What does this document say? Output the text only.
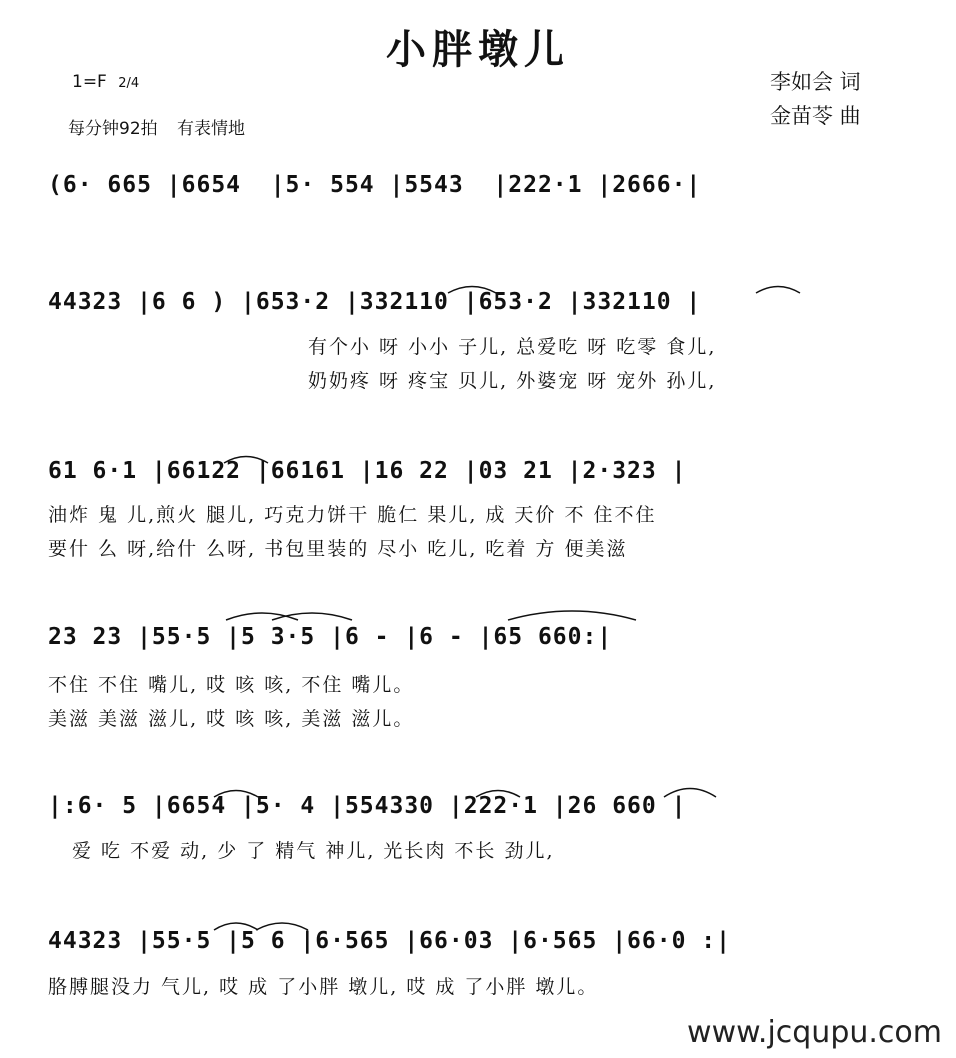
小胖墩儿
1=F 2/4
每分钟92拍 有表情地
李如会 词
金苗苓 曲
(6· 665 |6654  |5· 554 |5543  |222·1 |2666·|
44323 |6 6 ) |653·2 |332110 |653·2 |332110 |
有个小 呀 小小 子儿, 总爱吃 呀 吃零 食儿,
奶奶疼 呀 疼宝 贝儿, 外婆宠 呀 宠外 孙儿,
61 6·1 |66122 |66161 |16 22 |03 21 |2·323 |
油炸 鬼 儿,煎火 腿儿, 巧克力饼干 脆仁 果儿, 成 天价 不 住不住
要什 么 呀,给什 么呀, 书包里装的 尽小 吃儿, 吃着 方 便美滋
23 23 |55·5 |5 3·5 |6 - |6 - |65 660:|
不住 不住 嘴儿, 哎 咳 咳, 不住 嘴儿。
美滋 美滋 滋儿, 哎 咳 咳, 美滋 滋儿。
|:6· 5 |6654 |5· 4 |554330 |222·1 |26 660 |
爱 吃 不爱 动, 少 了 精气 神儿, 光长肉 不长 劲儿,
44323 |55·5 |5 6 |6·565 |66·03 |6·565 |66·0 :|
胳膊腿没力 气儿, 哎 成 了小胖 墩儿, 哎 成 了小胖 墩儿。
www.jcqupu.com
